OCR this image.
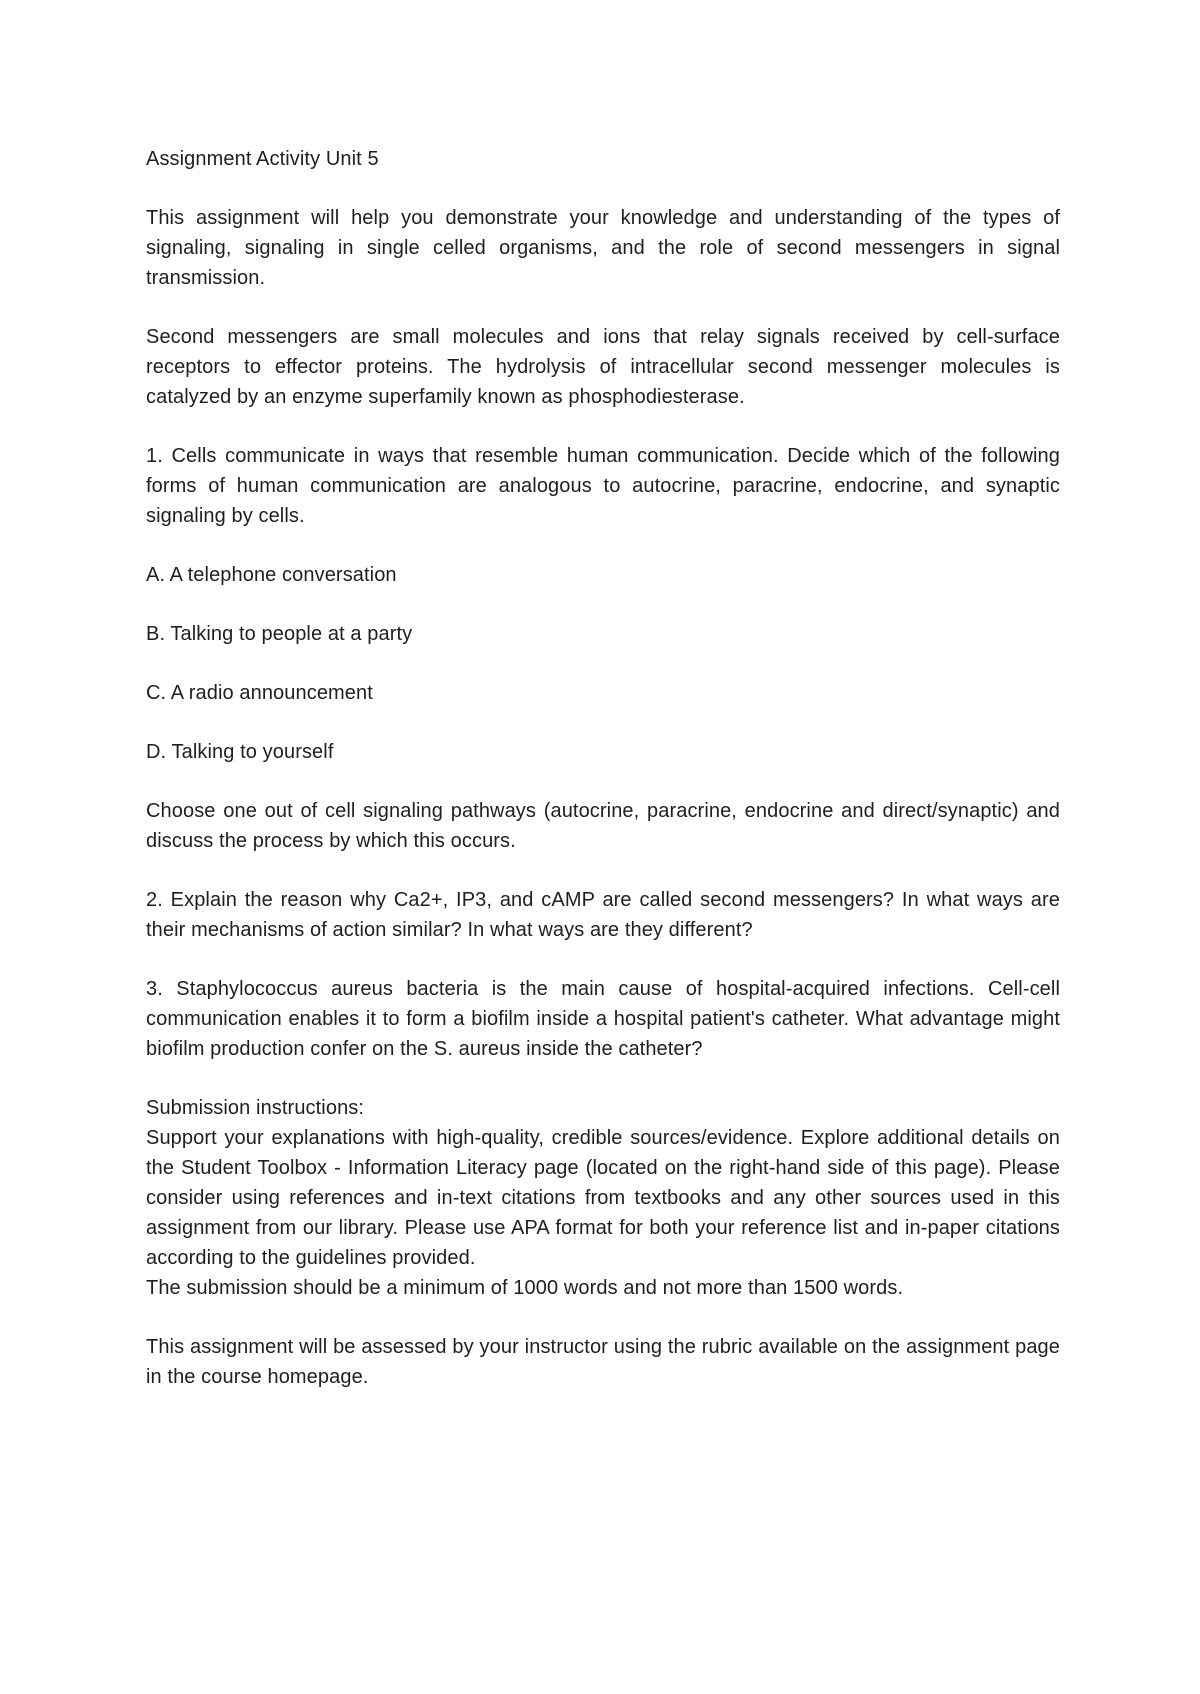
Assignment Activity Unit 5

This assignment will help you demonstrate your knowledge and understanding of the types of signaling, signaling in single celled organisms, and the role of second messengers in signal transmission.

Second messengers are small molecules and ions that relay signals received by cell-surface receptors to effector proteins. The hydrolysis of intracellular second messenger molecules is catalyzed by an enzyme superfamily known as phosphodiesterase.

1. Cells communicate in ways that resemble human communication. Decide which of the following forms of human communication are analogous to autocrine, paracrine, endocrine, and synaptic signaling by cells.

A. A telephone conversation

B. Talking to people at a party

C. A radio announcement

D. Talking to yourself

Choose one out of cell signaling pathways (autocrine, paracrine, endocrine and direct/synaptic) and discuss the process by which this occurs.

2. Explain the reason why Ca2+, IP3, and cAMP are called second messengers? In what ways are their mechanisms of action similar? In what ways are they different?

3. Staphylococcus aureus bacteria is the main cause of hospital-acquired infections. Cell-cell communication enables it to form a biofilm inside a hospital patient's catheter. What advantage might biofilm production confer on the S. aureus inside the catheter?

Submission instructions:

Support your explanations with high-quality, credible sources/evidence. Explore additional details on the Student Toolbox - Information Literacy page (located on the right-hand side of this page). Please consider using references and in-text citations from textbooks and any other sources used in this assignment from our library. Please use APA format for both your reference list and in-paper citations according to the guidelines provided.

The submission should be a minimum of 1000 words and not more than 1500 words.

This assignment will be assessed by your instructor using the rubric available on the assignment page in the course homepage.
